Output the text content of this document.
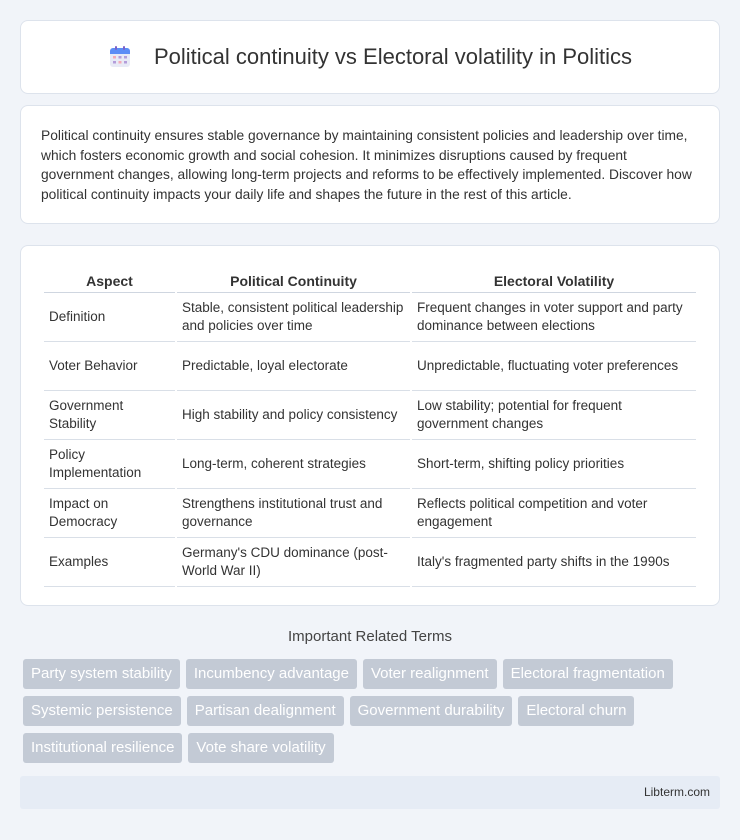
Political continuity vs Electoral volatility in Politics

Political continuity ensures stable governance by maintaining consistent policies and leadership over time, which fosters economic growth and social cohesion. It minimizes disruptions caused by frequent government changes, allowing long-term projects and reforms to be effectively implemented. Discover how political continuity impacts your daily life and shapes the future in the rest of this article.

Aspect	Political Continuity	Electoral Volatility
Definition	Stable, consistent political leadership and policies over time	Frequent changes in voter support and party dominance between elections
Voter Behavior	Predictable, loyal electorate	Unpredictable, fluctuating voter preferences
Government Stability	High stability and policy consistency	Low stability; potential for frequent government changes
Policy Implementation	Long-term, coherent strategies	Short-term, shifting policy priorities
Impact on Democracy	Strengthens institutional trust and governance	Reflects political competition and voter engagement
Examples	Germany's CDU dominance (post-World War II)	Italy's fragmented party shifts in the 1990s
Important Related Terms
Party system stability	Incumbency advantage	Voter realignment	Electoral fragmentation
Systemic persistence	Partisan dealignment	Government durability	Electoral churn
Institutional resilience	Vote share volatility
Libterm.com
